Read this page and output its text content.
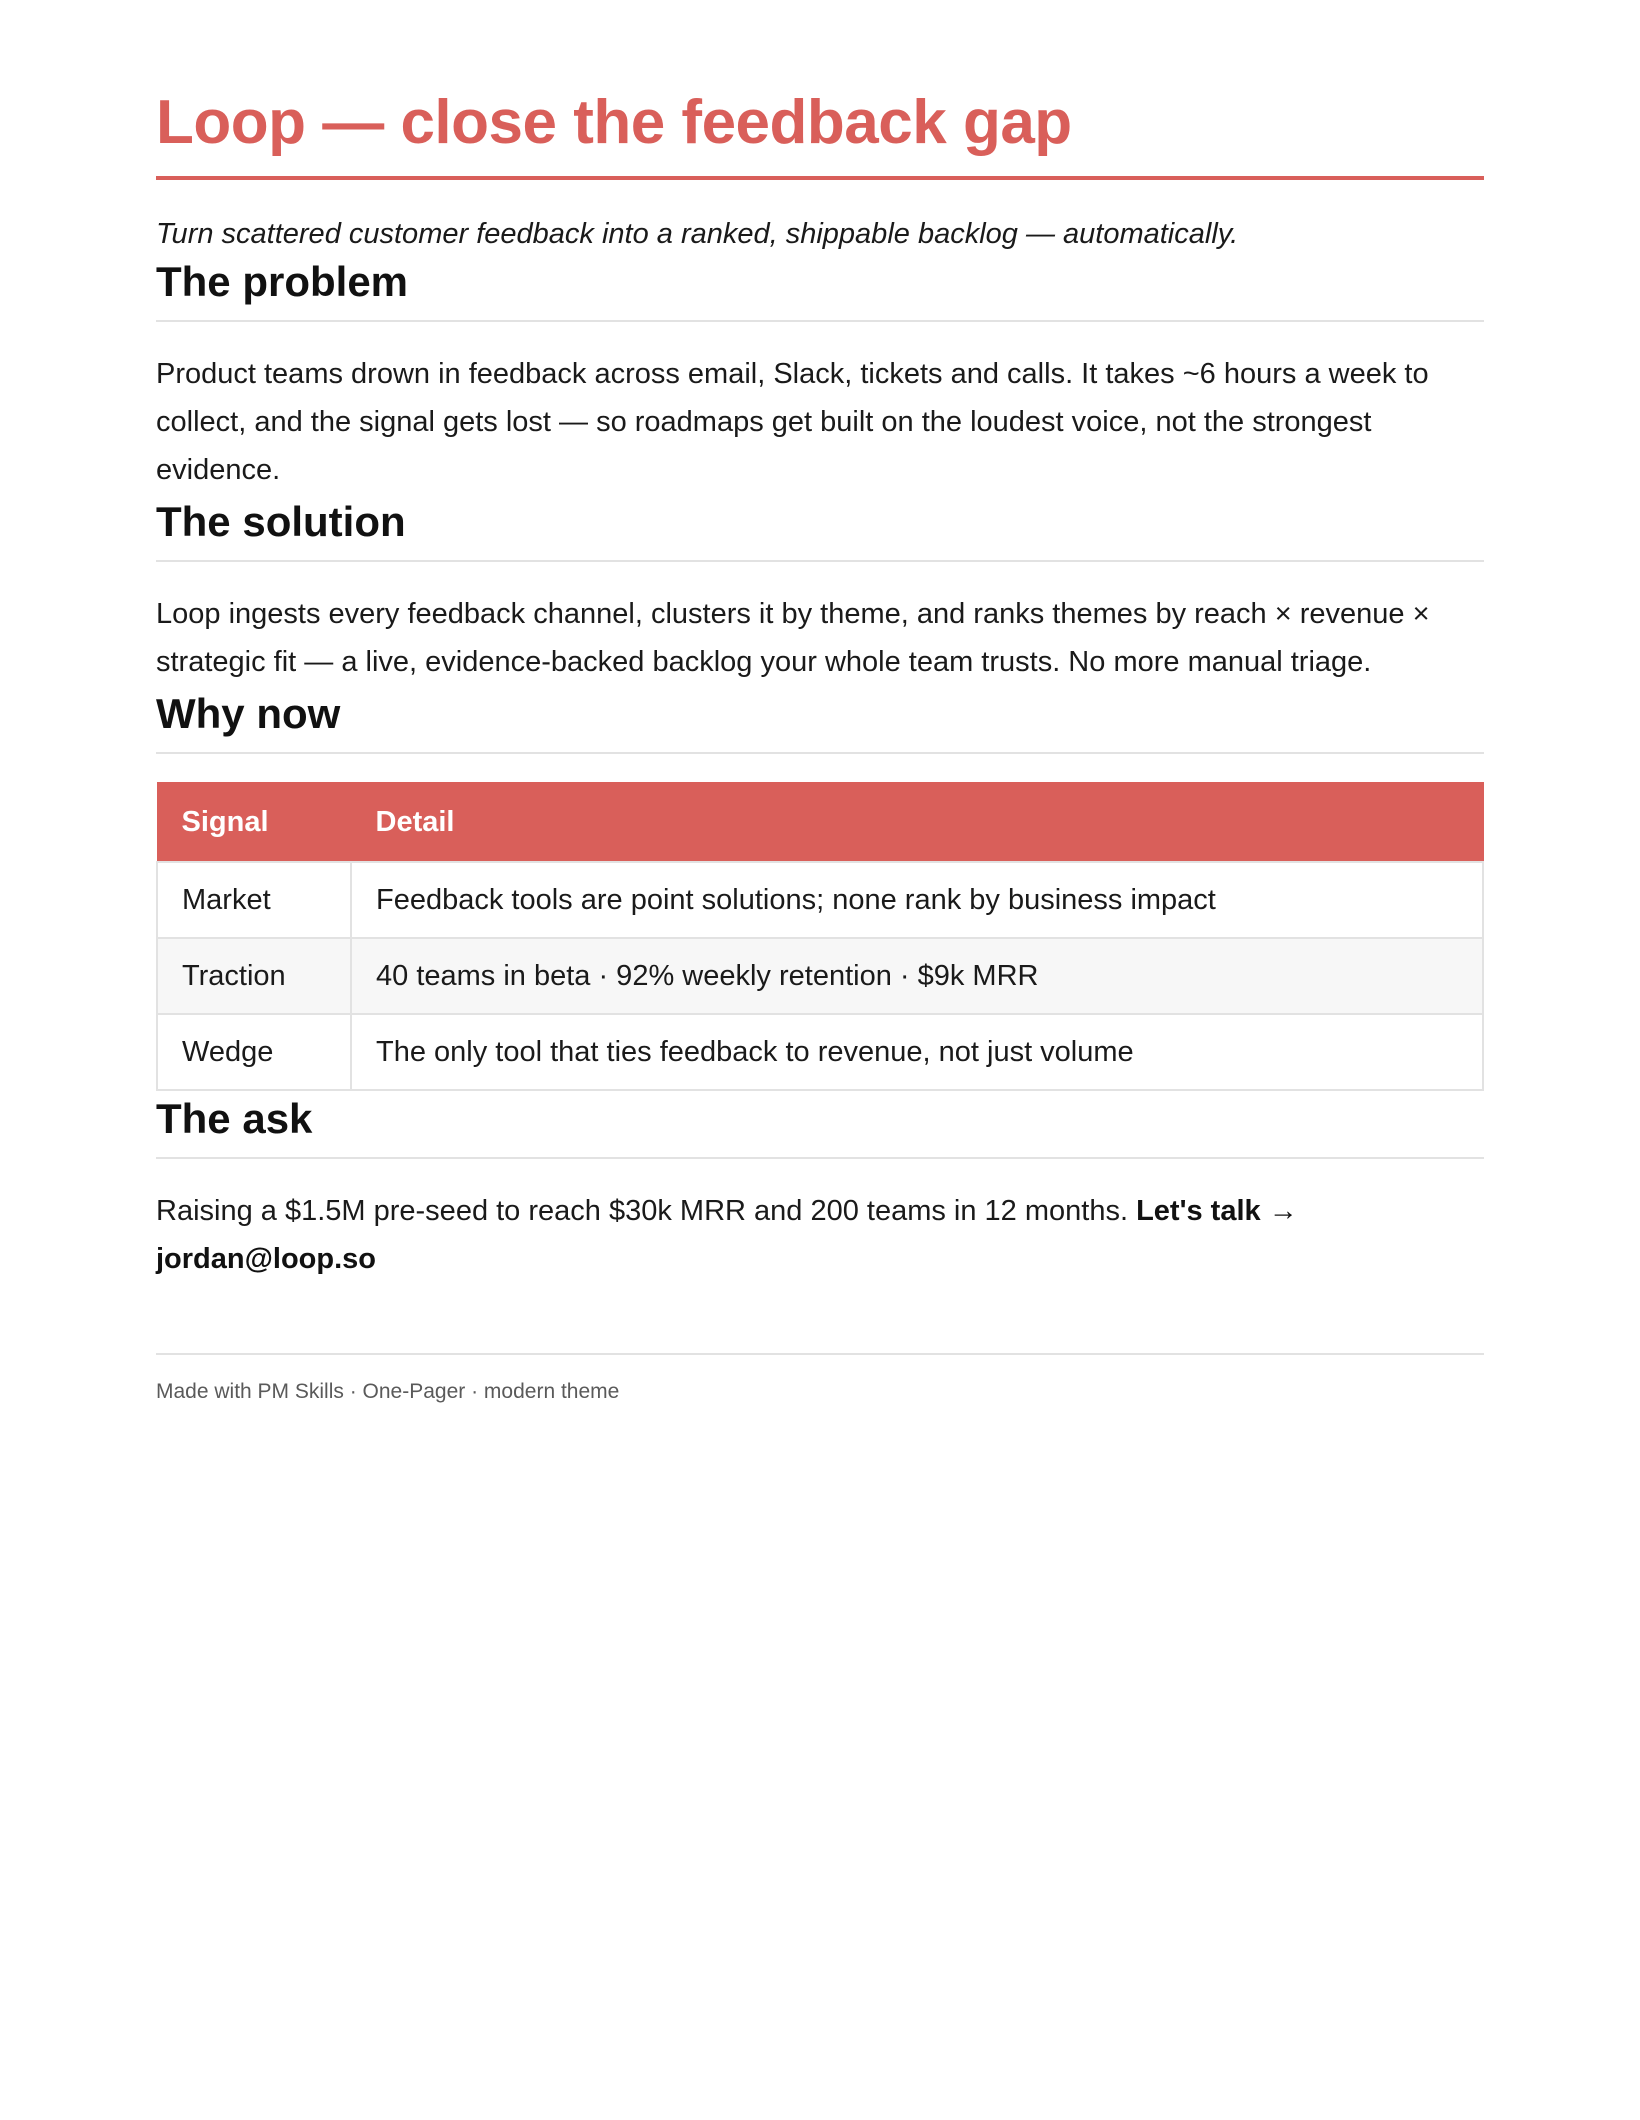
Loop — close the feedback gap

Turn scattered customer feedback into a ranked, shippable backlog — automatically.

The problem

Product teams drown in feedback across email, Slack, tickets and calls. It takes ~6 hours a week to collect, and the signal gets lost — so roadmaps get built on the loudest voice, not the strongest evidence.

The solution

Loop ingests every feedback channel, clusters it by theme, and ranks themes by reach × revenue × strategic fit — a live, evidence-backed backlog your whole team trusts. No more manual triage.

Why now
Signal	Detail
Market	Feedback tools are point solutions; none rank by business impact
Traction	40 teams in beta · 92% weekly retention · $9k MRR
Wedge	The only tool that ties feedback to revenue, not just volume
The ask

Raising a $1.5M pre-seed to reach $30k MRR and 200 teams in 12 months. Let's talk → jordan@loop.so

Made with PM Skills · One-Pager · modern theme
